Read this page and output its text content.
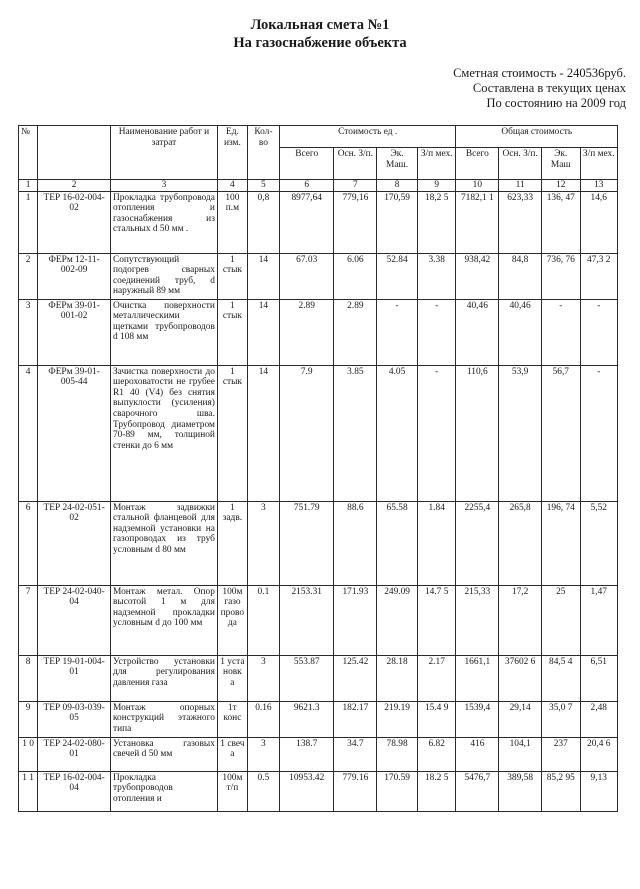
Локальная смета №1
На газоснабжение объекта
Сметная стоимость - 240536руб.
Составлена в текущих ценах
По состоянию на 2009 год
№		Наименование работ и затрат	Ед. изм.	Кол-во	Стоимость ед .				Общая стоимость			
					Всего	Осн. З/п.	Эк. Маш.	З/п мех.	Всего	Осн. З/п.	Эк. Маш	З/п мех.
1	2	3	4	5	6	7	8	9	10	11	12	13
1	ТЕР 16-02-004-02	Прокладка трубопровода отопления и газоснабжения из стальных d 50 мм .	100 п.м	0,8	8977,64	779,16	170,59	18,2 5	7182,1 1	623,33	136, 47	14,6
2	ФЕРм 12-11-002-09	Сопутствующий подогрев сварных соединений труб, d наружный 89 мм	1 стык	14	67.03	6.06	52.84	3.38	938,42	84,8	736, 76	47,3 2
3	ФЕРм 39-01-001-02	Очистка поверхности металлическими щетками трубопроводов d 108 мм	1 стык	14	2.89	2.89	-	-	40,46	40,46	-	-
4	ФЕРм 39-01-005-44	Зачистка поверхности до шероховатости не грубее R1 40 (V4) без снятия выпуклости (усиления) сварочного шва. Трубопровод диаметром 70-89 мм, толщиной стенки до 6 мм	1 стык	14	7.9	3.85	4.05	-	110,6	53,9	56,7	-
6	ТЕР 24-02-051-02	Монтаж задвижки стальной фланцевой для надземной установки на газопроводах из труб условным d 80 мм	1 задв.	3	751.79	88.6	65.58	1.84	2255,4	265,8	196, 74	5,52
7	ТЕР 24-02-040-04	Монтаж метал. Опор высотой 1 м для надземной прокладки условным d до 100 мм	100м газо прово да	0.1	2153.31	171.93	249.09	14.7 5	215,33	17,2	25	1,47
8	ТЕР 19-01-004-01	Устройство установки для регулирования давления газа	1 уста новк а	3	553.87	125.42	28.18	2.17	1661,1	37602 6	84,5 4	6,51
9	ТЕР 09-03-039-05	Монтаж опорных конструкций этажного типа	1т конс	0.16	9621.3	182.17	219.19	15.4 9	1539,4	29,14	35,0 7	2,48
1 0	ТЕР 24-02-080-01	Установка газовых свечей d 50 мм	1 свеч а	3	138.7	34.7	78.98	6.82	416	104,1	237	20,4 6
1 1	ТЕР 16-02-004-04	Прокладка трубопроводов отопления и	100м т/п	0.5	10953.42	779.16	170.59	18.2 5	5476,7	389,58	85,2 95	9,13
